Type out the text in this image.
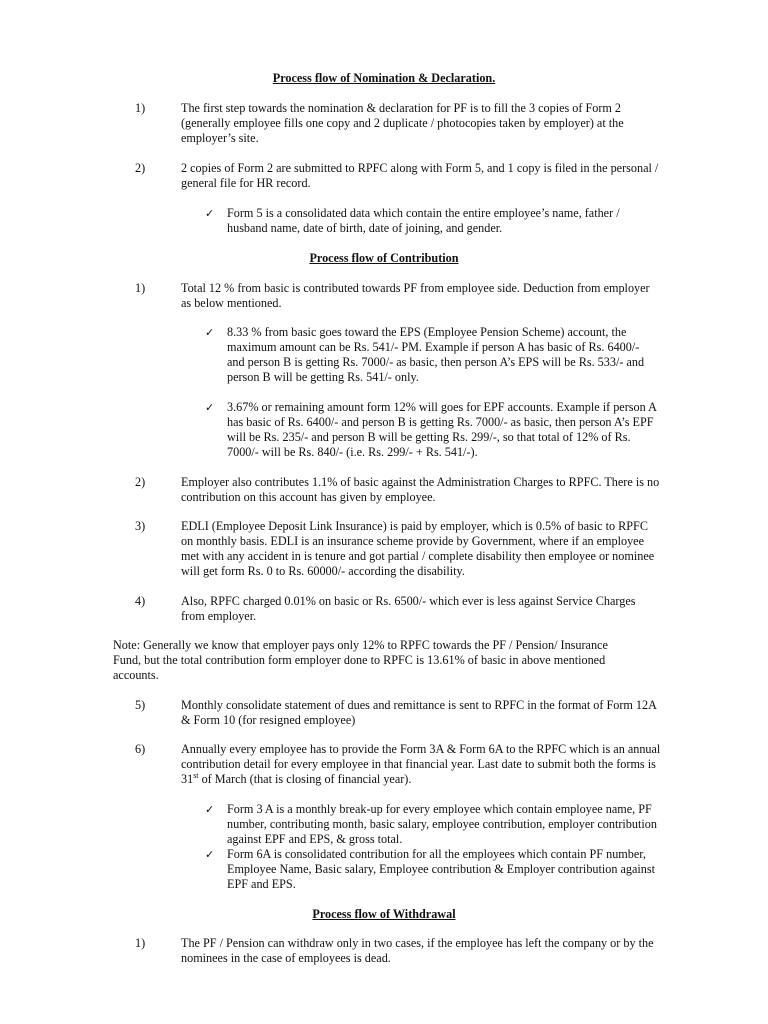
Process flow of Nomination & Declaration.
1)	The first step towards the nomination & declaration for PF is to fill the 3 copies of Form 2 (generally employee fills one copy and 2 duplicate / photocopies taken by employer) at the employer’s site.
2)	2 copies of Form 2 are submitted to RPFC along with Form 5, and 1 copy is filed in the personal / general file for HR record.
✓	Form 5 is a consolidated data which contain the entire employee’s name, father / husband name, date of birth, date of joining, and gender.
Process flow of Contribution
1)	Total 12 % from basic is contributed towards PF from employee side. Deduction from employer as below mentioned.
✓	8.33 % from basic goes toward the EPS (Employee Pension Scheme) account, the maximum amount can be Rs. 541/- PM. Example if person A has basic of Rs. 6400/- and person B is getting Rs. 7000/- as basic, then person A’s EPS will be Rs. 533/- and person B will be getting Rs. 541/- only.
✓	3.67% or remaining amount form 12% will goes for EPF accounts. Example if person A has basic of Rs. 6400/- and person B is getting Rs. 7000/- as basic, then person A’s EPF will be Rs. 235/- and person B will be getting Rs. 299/-, so that total of 12% of Rs. 7000/- will be Rs. 840/- (i.e. Rs. 299/- + Rs. 541/-).
2)	Employer also contributes 1.1% of basic against the Administration Charges to RPFC. There is no contribution on this account has given by employee.
3)	EDLI (Employee Deposit Link Insurance) is paid by employer, which is 0.5% of basic to RPFC on monthly basis. EDLI is an insurance scheme provide by Government, where if an employee met with any accident in is tenure and got partial / complete disability then employee or nominee will get form Rs. 0 to Rs. 60000/- according the disability.
4)	Also, RPFC charged 0.01% on basic or Rs. 6500/- which ever is less against Service Charges from employer.
Note: Generally we know that employer pays only 12% to RPFC towards the PF / Pension/ Insurance Fund, but the total contribution form employer done to RPFC is 13.61% of basic in above mentioned accounts.
5)	Monthly consolidate statement of dues and remittance is sent to RPFC in the format of Form 12A & Form 10 (for resigned employee)
6)	Annually every employee has to provide the Form 3A & Form 6A to the RPFC which is an annual contribution detail for every employee in that financial year. Last date to submit both the forms is 31st of March (that is closing of financial year).
✓	Form 3 A is a monthly break-up for every employee which contain employee name, PF number, contributing month, basic salary, employee contribution, employer contribution against EPF and EPS, & gross total.
✓	Form 6A is consolidated contribution for all the employees which contain PF number, Employee Name, Basic salary, Employee contribution & Employer contribution against EPF and EPS.
Process flow of Withdrawal
1)	The PF / Pension can withdraw only in two cases, if the employee has left the company or by the nominees in the case of employees is dead.
